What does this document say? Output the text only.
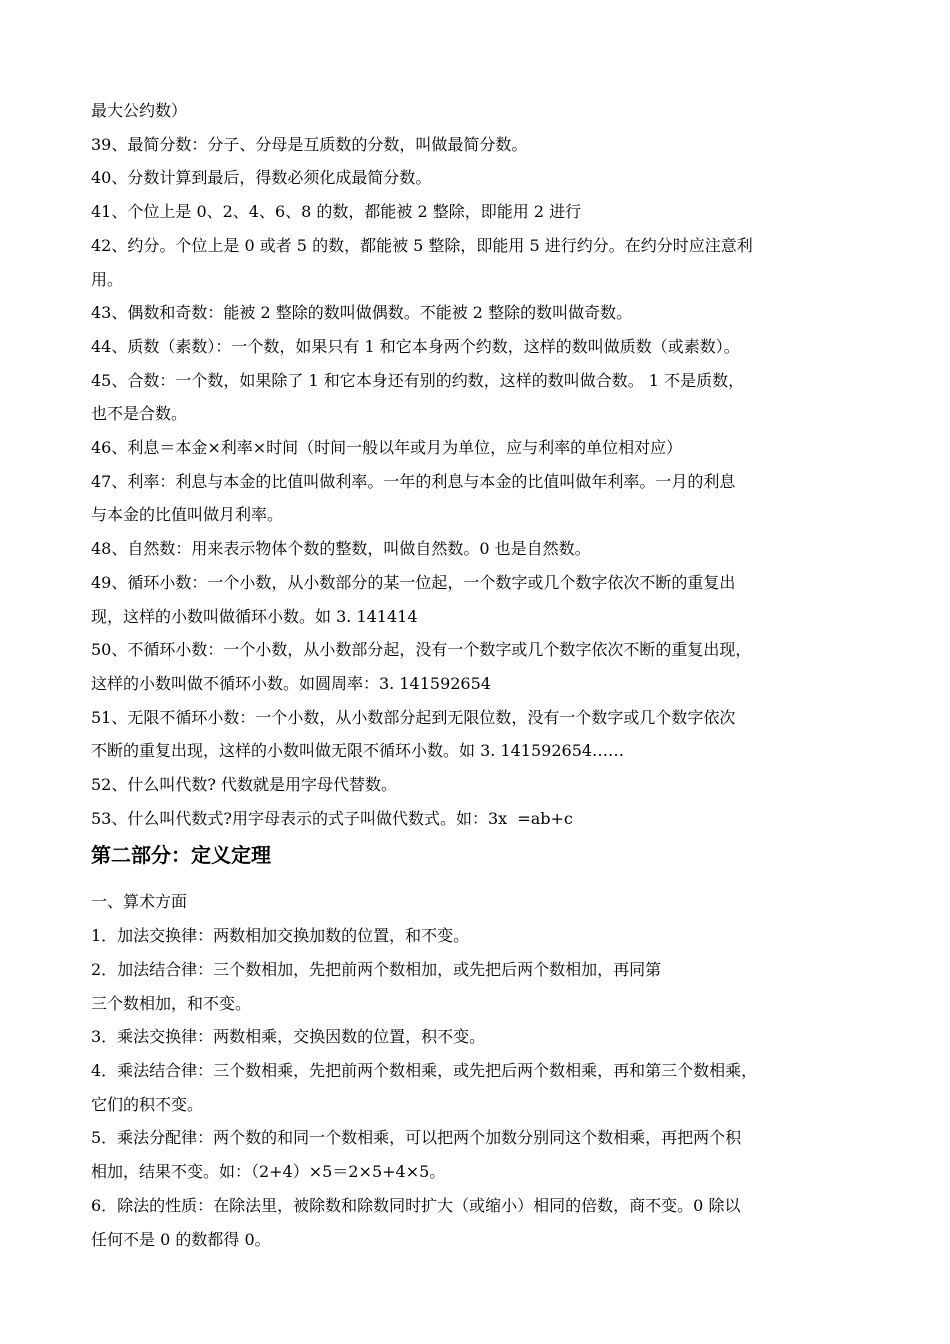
最大公约数）
39、最简分数：分子、分母是互质数的分数，叫做最简分数。
40、分数计算到最后，得数必须化成最简分数。
41、个位上是 0、2、4、6、8 的数，都能被 2 整除，即能用 2 进行
42、约分。个位上是 0 或者 5 的数，都能被 5 整除，即能用 5 进行约分。在约分时应注意利
用。
43、偶数和奇数：能被 2 整除的数叫做偶数。不能被 2 整除的数叫做奇数。
44、质数（素数）：一个数，如果只有 1 和它本身两个约数，这样的数叫做质数（或素数）。
45、合数：一个数，如果除了 1 和它本身还有别的约数，这样的数叫做合数。 1 不是质数，
也不是合数。
46、利息＝本金×利率×时间（时间一般以年或月为单位，应与利率的单位相对应）
47、利率：利息与本金的比值叫做利率。一年的利息与本金的比值叫做年利率。一月的利息
与本金的比值叫做月利率。
48、自然数：用来表示物体个数的整数，叫做自然数。0 也是自然数。
49、循环小数：一个小数，从小数部分的某一位起，一个数字或几个数字依次不断的重复出
现，这样的小数叫做循环小数。如 3. 141414
50、不循环小数：一个小数，从小数部分起，没有一个数字或几个数字依次不断的重复出现，
这样的小数叫做不循环小数。如圆周率：3. 141592654
51、无限不循环小数：一个小数，从小数部分起到无限位数，没有一个数字或几个数字依次
不断的重复出现，这样的小数叫做无限不循环小数。如 3. 141592654……
52、什么叫代数? 代数就是用字母代替数。
53、什么叫代数式?用字母表示的式子叫做代数式。如：3x  =ab+c
第二部分：定义定理
一、算术方面
1．加法交换律：两数相加交换加数的位置，和不变。
2．加法结合律：三个数相加，先把前两个数相加，或先把后两个数相加，再同第
三个数相加，和不变。
3．乘法交换律：两数相乘，交换因数的位置，积不变。
4．乘法结合律：三个数相乘，先把前两个数相乘，或先把后两个数相乘，再和第三个数相乘，
它们的积不变。
5．乘法分配律：两个数的和同一个数相乘，可以把两个加数分别同这个数相乘，再把两个积
相加，结果不变。如：（2+4）×5＝2×5+4×5。
6．除法的性质：在除法里，被除数和除数同时扩大（或缩小）相同的倍数，商不变。0 除以
任何不是 0 的数都得 0。
